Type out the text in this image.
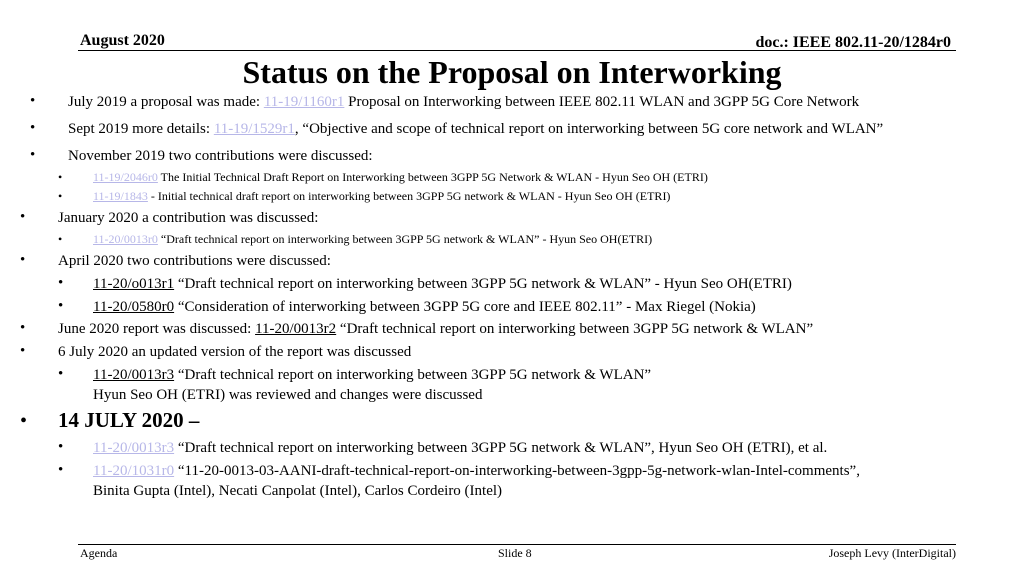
August 2020	doc.: IEEE 802.11-20/1284r0
Status on the Proposal on Interworking
• July 2019 a proposal was made: 11-19/1160r1 Proposal on Interworking between IEEE 802.11 WLAN and 3GPP 5G Core Network
• Sept 2019 more details: 11-19/1529r1, “Objective and scope of technical report on interworking between 5G core network and WLAN”
• November 2019 two contributions were discussed:
•	11-19/2046r0 The Initial Technical Draft Report on Interworking between 3GPP 5G Network & WLAN - Hyun Seo OH (ETRI)
•	11-19/1843 - Initial technical draft report on interworking between 3GPP 5G network & WLAN - Hyun Seo OH (ETRI)
• January 2020 a contribution was discussed:
•	11-20/0013r0 “Draft technical report on interworking between 3GPP 5G network & WLAN” - Hyun Seo OH(ETRI)
• April 2020 two contributions were discussed:
• 11-20/o013r1 “Draft technical report on interworking between 3GPP 5G network & WLAN” - Hyun Seo OH(ETRI)
• 11-20/0580r0 “Consideration of interworking between 3GPP 5G core and IEEE 802.11” - Max Riegel (Nokia)
• June 2020 report was discussed: 11-20/0013r2 “Draft technical report on interworking between 3GPP 5G network & WLAN”
• 6 July 2020 an updated version of the report was discussed
• 11-20/0013r3 “Draft technical report on interworking between 3GPP 5G network & WLAN”
Hyun Seo OH (ETRI) was reviewed and changes were discussed
• 14 JULY 2020 –
• 11-20/0013r3 “Draft technical report on interworking between 3GPP 5G network & WLAN”, Hyun Seo OH (ETRI), et al.
• 11-20/1031r0 “11-20-0013-03-AANI-draft-technical-report-on-interworking-between-3gpp-5g-network-wlan-Intel-comments”,
Binita Gupta (Intel), Necati Canpolat (Intel), Carlos Cordeiro (Intel)
Agenda	Slide 8	Joseph Levy (InterDigital)
